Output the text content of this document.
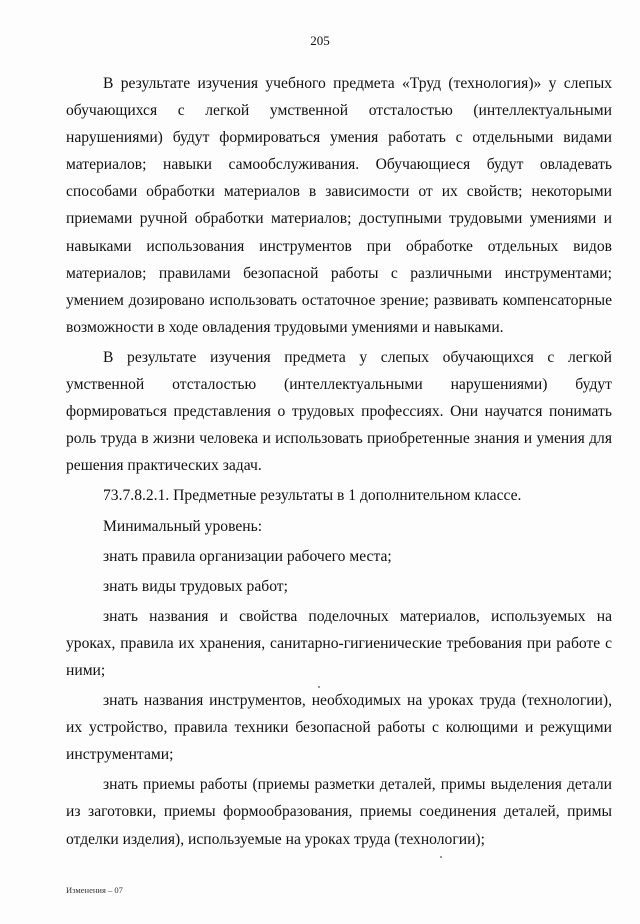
205

В результате изучения учебного предмета «Труд (технология)» у слепых обучающихся с легкой умственной отсталостью (интеллектуальными нарушениями) будут формироваться умения работать с отдельными видами материалов; навыки самообслуживания. Обучающиеся будут овладевать способами обработки материалов в зависимости от их свойств; некоторыми приемами ручной обработки материалов; доступными трудовыми умениями и навыками использования инструментов при обработке отдельных видов материалов; правилами безопасной работы с различными инструментами; умением дозировано использовать остаточное зрение; развивать компенсаторные возможности в ходе овладения трудовыми умениями и навыками.

В результате изучения предмета у слепых обучающихся с легкой умственной отсталостью (интеллектуальными нарушениями) будут формироваться представления о трудовых профессиях. Они научатся понимать роль труда в жизни человека и использовать приобретенные знания и умения для решения практических задач.

73.7.8.2.1. Предметные результаты в 1 дополнительном классе.

Минимальный уровень:

знать правила организации рабочего места;

знать виды трудовых работ;

знать названия и свойства поделочных материалов, используемых на уроках, правила их хранения, санитарно-гигиенические требования при работе с ними;

знать названия инструментов, необходимых на уроках труда (технологии), их устройство, правила техники безопасной работы с колющими и режущими инструментами;

знать приемы работы (приемы разметки деталей, примы выделения детали из заготовки, приемы формообразования, приемы соединения деталей, примы отделки изделия), используемые на уроках труда (технологии);

Изменения – 07
